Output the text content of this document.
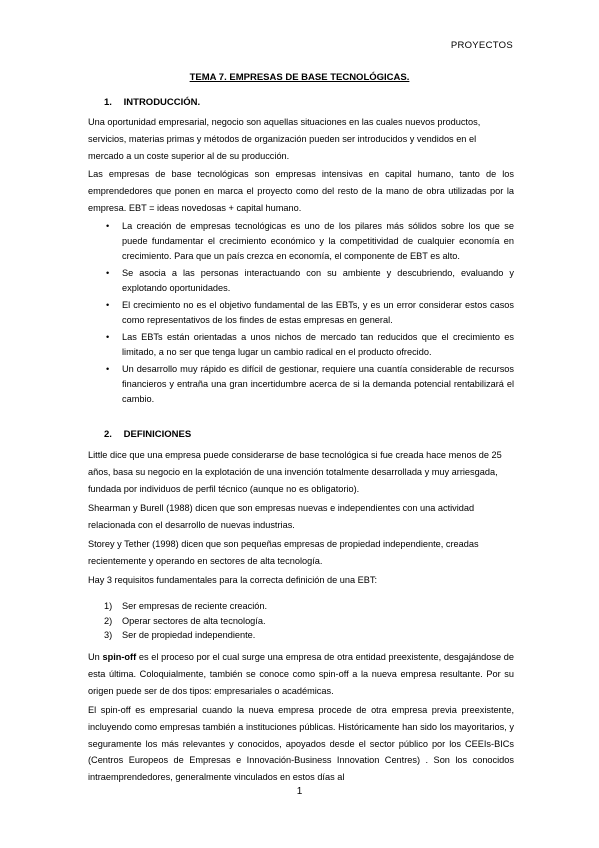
PROYECTOS
TEMA 7. EMPRESAS DE BASE TECNOLÓGICAS.
1. INTRODUCCIÓN.
Una oportunidad empresarial, negocio son aquellas situaciones en las cuales nuevos productos, servicios, materias primas y métodos de organización pueden ser introducidos y vendidos en el mercado a un coste superior al de su producción.
Las empresas de base tecnológicas son empresas intensivas en capital humano, tanto de los emprendedores que ponen en marca el proyecto como del resto de la mano de obra utilizadas por la empresa. EBT = ideas novedosas + capital humano.
• La creación de empresas tecnológicas es uno de los pilares más sólidos sobre los que se puede fundamentar el crecimiento económico y la competitividad de cualquier economía en crecimiento. Para que un país crezca en economía, el componente de EBT es alto.
• Se asocia a las personas interactuando con su ambiente y descubriendo, evaluando y explotando oportunidades.
• El crecimiento no es el objetivo fundamental de las EBTs, y es un error considerar estos casos como representativos de los findes de estas empresas en general.
• Las EBTs están orientadas a unos nichos de mercado tan reducidos que el crecimiento es limitado, a no ser que tenga lugar un cambio radical en el producto ofrecido.
• Un desarrollo muy rápido es difícil de gestionar, requiere una cuantía considerable de recursos financieros y entraña una gran incertidumbre acerca de si la demanda potencial rentabilizará el cambio.
2. DEFINICIONES
Little dice que una empresa puede considerarse de base tecnológica si fue creada hace menos de 25 años, basa su negocio en la explotación de una invención totalmente desarrollada y muy arriesgada, fundada por individuos de perfil técnico (aunque no es obligatorio).
Shearman y Burell (1988) dicen que son empresas nuevas e independientes con una actividad relacionada con el desarrollo de nuevas industrias.
Storey y Tether (1998) dicen que son pequeñas empresas de propiedad independiente, creadas recientemente y operando en sectores de alta tecnología.
Hay 3 requisitos fundamentales para la correcta definición de una EBT:
1) Ser empresas de reciente creación.
2) Operar sectores de alta tecnología.
3) Ser de propiedad independiente.
Un spin-off es el proceso por el cual surge una empresa de otra entidad preexistente, desgajándose de esta última. Coloquialmente, también se conoce como spin-off a la nueva empresa resultante. Por su origen puede ser de dos tipos: empresariales o académicas.
El spin-off es empresarial cuando la nueva empresa procede de otra empresa previa preexistente, incluyendo como empresas también a instituciones públicas. Históricamente han sido los mayoritarios, y seguramente los más relevantes y conocidos, apoyados desde el sector público por los CEEIs-BICs (Centros Europeos de Empresas e Innovación-Business Innovation Centres) . Son los conocidos intraemprendedores, generalmente vinculados en estos días al
1
